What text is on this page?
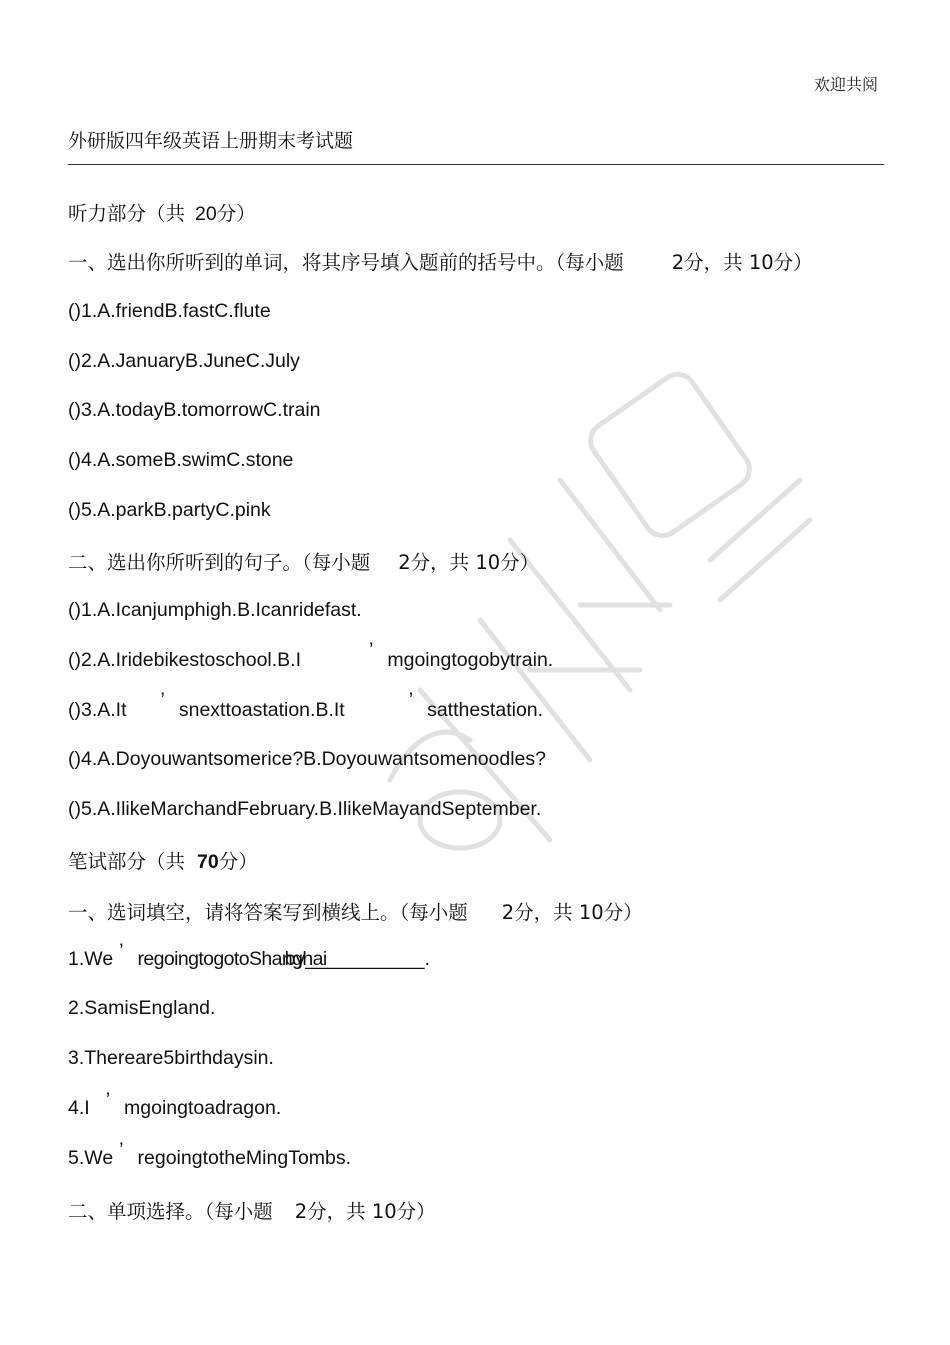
欢迎共阅
外研版四年级英语上册期末考试题
听力部分（共 20分）
一、选出你所听到的单词，将其序号填入题前的括号中。（每小题 2分，共 10分）
()1.A.friendB.fastC.flute
()2.A.JanuaryB.JuneC.July
()3.A.todayB.tomorrowC.train
()4.A.someB.swimC.stone
()5.A.parkB.partyC.pink
二、选出你所听到的句子。（每小题 2分，共 10分）
()1.A.Icanjumphigh.B.Icanridefast.
()2.A.Iridebikestoschool.B.I	’ mgoingtogobytrain.
()3.A.It ’ snexttoastation.B.It	’ satthestation.
()4.A.Doyouwantsomerice?B.Doyouwantsomenoodles?
()5.A.IlikeMarchandFebruary.B.IlikeMayandSeptember.
笔试部分（共 70分）
一、选词填空，请将答案写到横线上。（每小题 2分，共 10分）
1.We ’ regoingtogotoShanghaiby___________.
2.SamisEngland.
3.Thereare5birthdaysin.
4.I ’ mgoingtoadragon.
5.We ’ regoingtotheMingTombs.
二、单项选择。（每小题 2分，共 10分）
